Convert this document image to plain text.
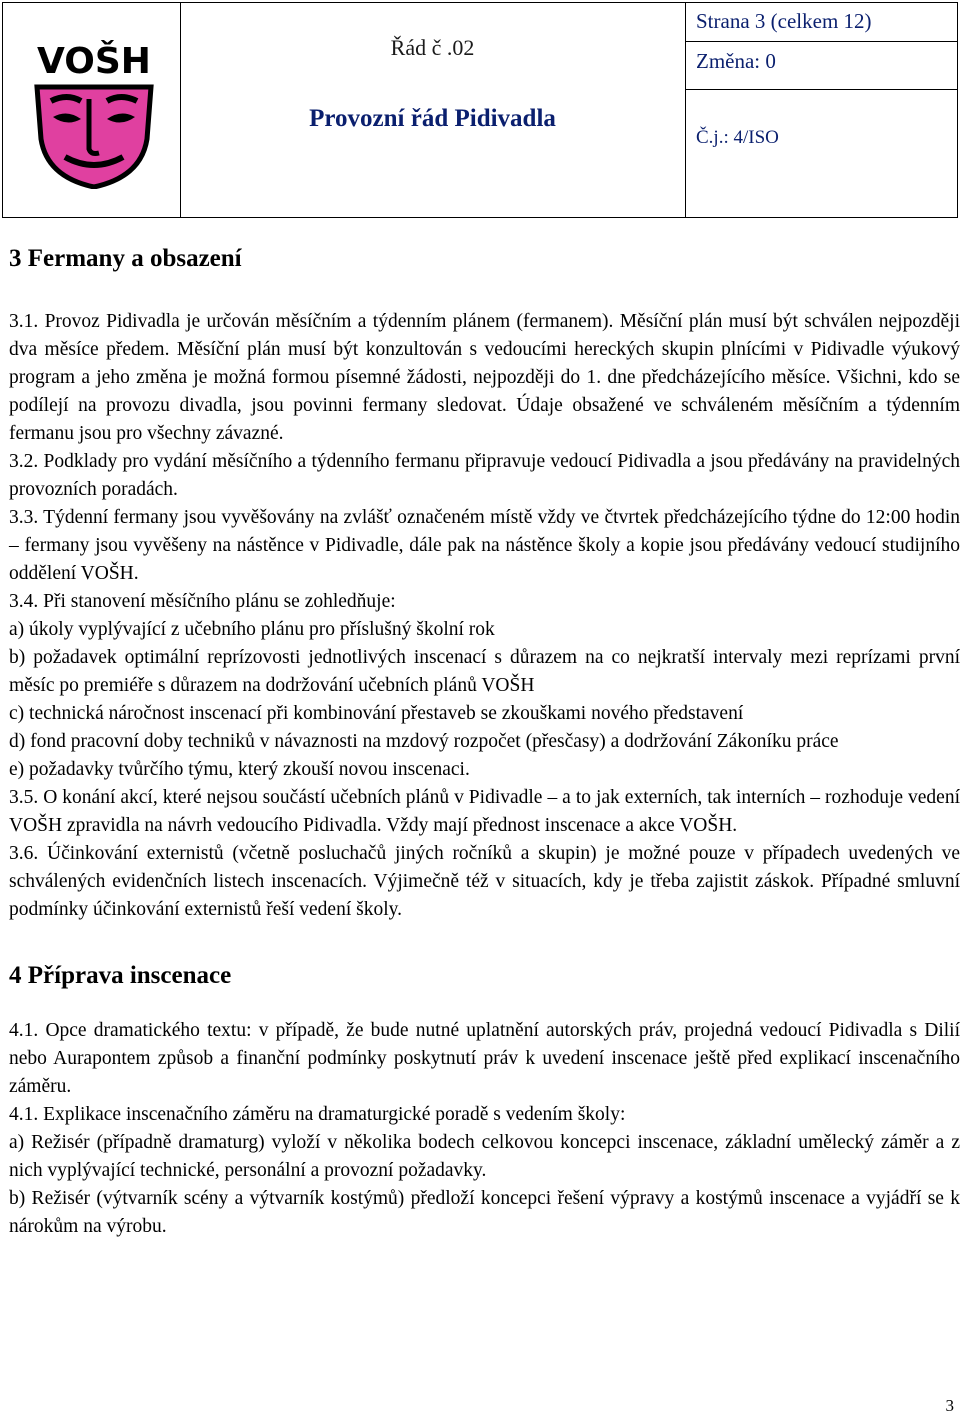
VOŠH	Řád č .02
Provozní řád Pidivadla
Strana 3 (celkem 12)
Změna: 0
Č.j.: 4/ISO
3 Fermany a obsazení

3.1. Provoz Pidivadla je určován měsíčním a týdenním plánem (fermanem). Měsíční plán musí být schválen nejpozději dva měsíce předem. Měsíční plán musí být konzultován s vedoucími hereckých skupin plnícími v Pidivadle výukový program a jeho změna je možná formou písemné žádosti, nejpozději do 1. dne předcházejícího měsíce. Všichni, kdo se podílejí na provozu divadla, jsou povinni fermany sledovat. Údaje obsažené ve schváleném měsíčním a týdenním fermanu jsou pro všechny závazné.

3.2. Podklady pro vydání měsíčního a týdenního fermanu připravuje vedoucí Pidivadla a jsou předávány na pravidelných provozních poradách.

3.3. Týdenní fermany jsou vyvěšovány na zvlášť označeném místě vždy ve čtvrtek předcházejícího týdne do 12:00 hodin – fermany jsou vyvěšeny na nástěnce v Pidivadle, dále pak na nástěnce školy a kopie jsou předávány vedoucí studijního oddělení VOŠH.

3.4. Při stanovení měsíčního plánu se zohledňuje:

a) úkoly vyplývající z učebního plánu pro příslušný školní rok

b) požadavek optimální reprízovosti jednotlivých inscenací s důrazem na co nejkratší intervaly mezi reprízami první měsíc po premiéře s důrazem na dodržování učebních plánů VOŠH

c) technická náročnost inscenací při kombinování přestaveb se zkouškami nového představení

d) fond pracovní doby techniků v návaznosti na mzdový rozpočet (přesčasy) a dodržování Zákoníku práce

e) požadavky tvůrčího týmu, který zkouší novou inscenaci.

3.5. O konání akcí, které nejsou součástí učebních plánů v Pidivadle – a to jak externích, tak interních – rozhoduje vedení VOŠH zpravidla na návrh vedoucího Pidivadla. Vždy mají přednost inscenace a akce VOŠH.

3.6. Účinkování externistů (včetně posluchačů jiných ročníků a skupin) je možné pouze v případech uvedených ve schválených evidenčních listech inscenacích. Výjimečně též v situacích, kdy je třeba zajistit záskok. Případné smluvní podmínky účinkování externistů řeší vedení školy.

4 Příprava inscenace

4.1. Opce dramatického textu: v případě, že bude nutné uplatnění autorských práv, projedná vedoucí Pidivadla s Dilií nebo Aurapontem způsob a finanční podmínky poskytnutí práv k uvedení inscenace ještě před explikací inscenačního záměru.

4.1. Explikace inscenačního záměru na dramaturgické poradě s vedením školy:

a) Režisér (případně dramaturg) vyloží v několika bodech celkovou koncepci inscenace, základní umělecký záměr a z nich vyplývající technické, personální a provozní požadavky.

b) Režisér (výtvarník scény a výtvarník kostýmů) předloží koncepci řešení výpravy a kostýmů inscenace a vyjádří se k nárokům na výrobu.

3
